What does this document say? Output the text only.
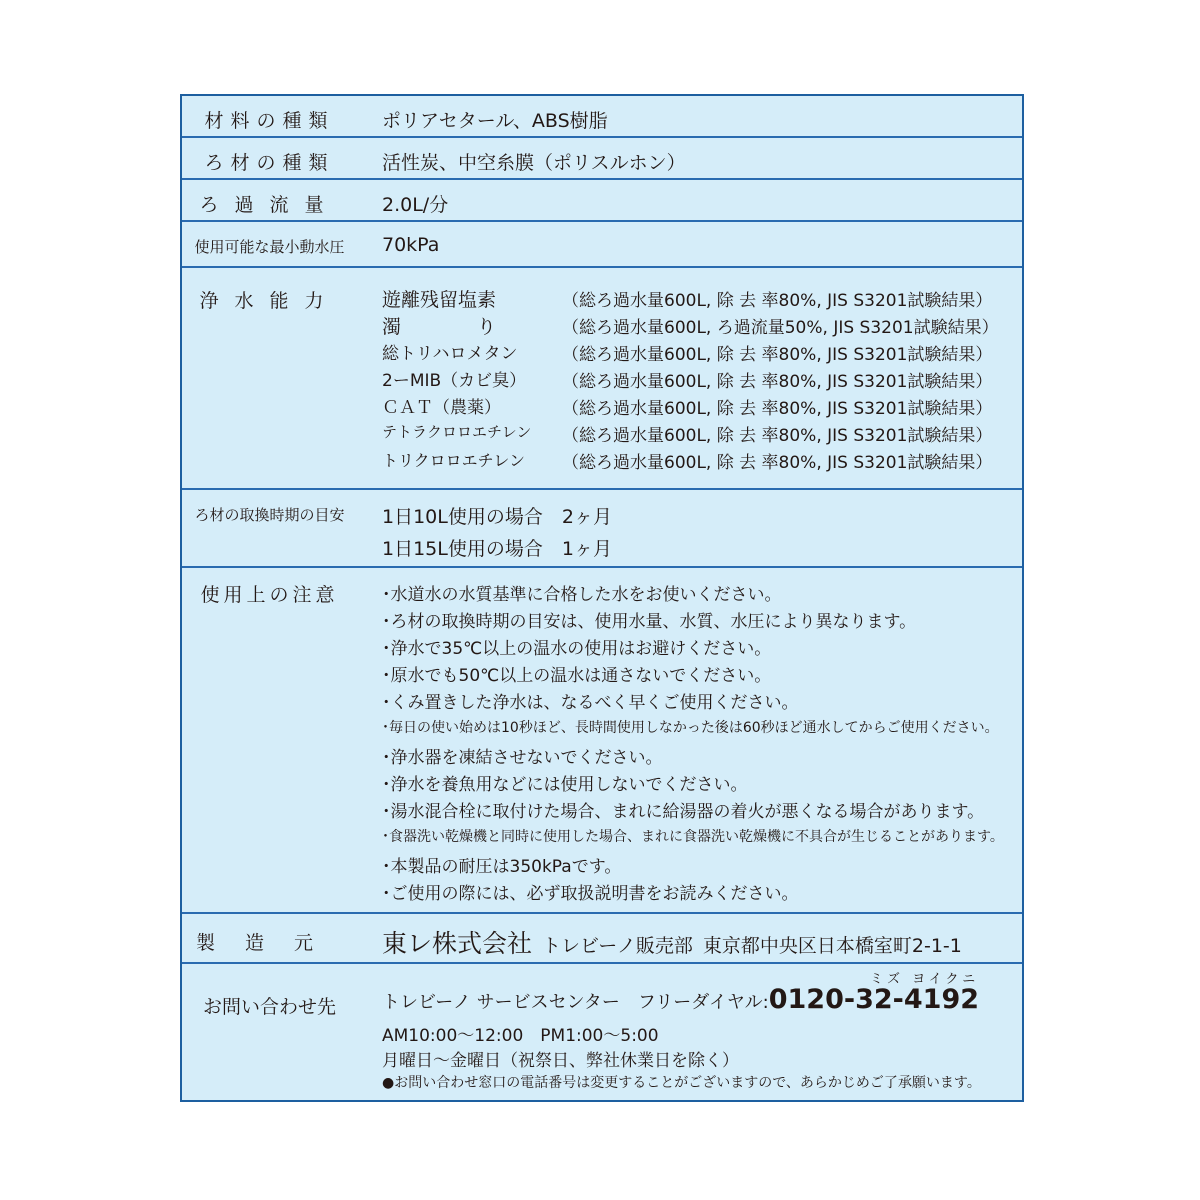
材料の種類	ポリアセタール、ABS樹脂
ろ材の種類	活性炭、中空糸膜（ポリスルホン）
ろ過流量	2.0L/分
使用可能な最小動水圧	70kPa
浄水能力	遊離残留塩素	（総ろ過水量600L, 除 去 率80%, JIS S3201試験結果）
濁　　　　り	（総ろ過水量600L, ろ過流量50%, JIS S3201試験結果）
総トリハロメタン	（総ろ過水量600L, 除 去 率80%, JIS S3201試験結果）
2ーMIB（カビ臭） （総ろ過水量600L, 除 去 率80%, JIS S3201試験結果）
ＣＡＴ（農薬）	（総ろ過水量600L, 除 去 率80%, JIS S3201試験結果）
テトラクロロエチレン （総ろ過水量600L, 除 去 率80%, JIS S3201試験結果）
トリクロロエチレン （総ろ過水量600L, 除 去 率80%, JIS S3201試験結果）
ろ材の取換時期の目安	1日10L使用の場合　2ヶ月
1日15L使用の場合　1ヶ月
使用上の注意	･水道水の水質基準に合格した水をお使いください。
･ろ材の取換時期の目安は、使用水量、水質、水圧により異なります。
･浄水で35℃以上の温水の使用はお避けください。
･原水でも50℃以上の温水は通さないでください。
･くみ置きした浄水は、なるべく早くご使用ください。
･毎日の使い始めは10秒ほど、長時間使用しなかった後は60秒ほど通水してからご使用ください。
･浄水器を凍結させないでください。
･浄水を養魚用などには使用しないでください。
･湯水混合栓に取付けた場合、まれに給湯器の着火が悪くなる場合があります。
･食器洗い乾燥機と同時に使用した場合、まれに食器洗い乾燥機に不具合が生じることがあります。
･本製品の耐圧は350kPaです。
･ご使用の際には、必ず取扱説明書をお読みください。
製造元	東レ株式会社 トレビーノ販売部 東京都中央区日本橋室町2-1-1
お問い合わせ先
ミズ ヨイクニ
トレビーノ サービスセンター　フリーダイヤル:0120-32-4192
AM10:00～12:00　PM1:00～5:00
月曜日～金曜日（祝祭日、弊社休業日を除く）
●お問い合わせ窓口の電話番号は変更することがございますので、あらかじめご了承願います。
